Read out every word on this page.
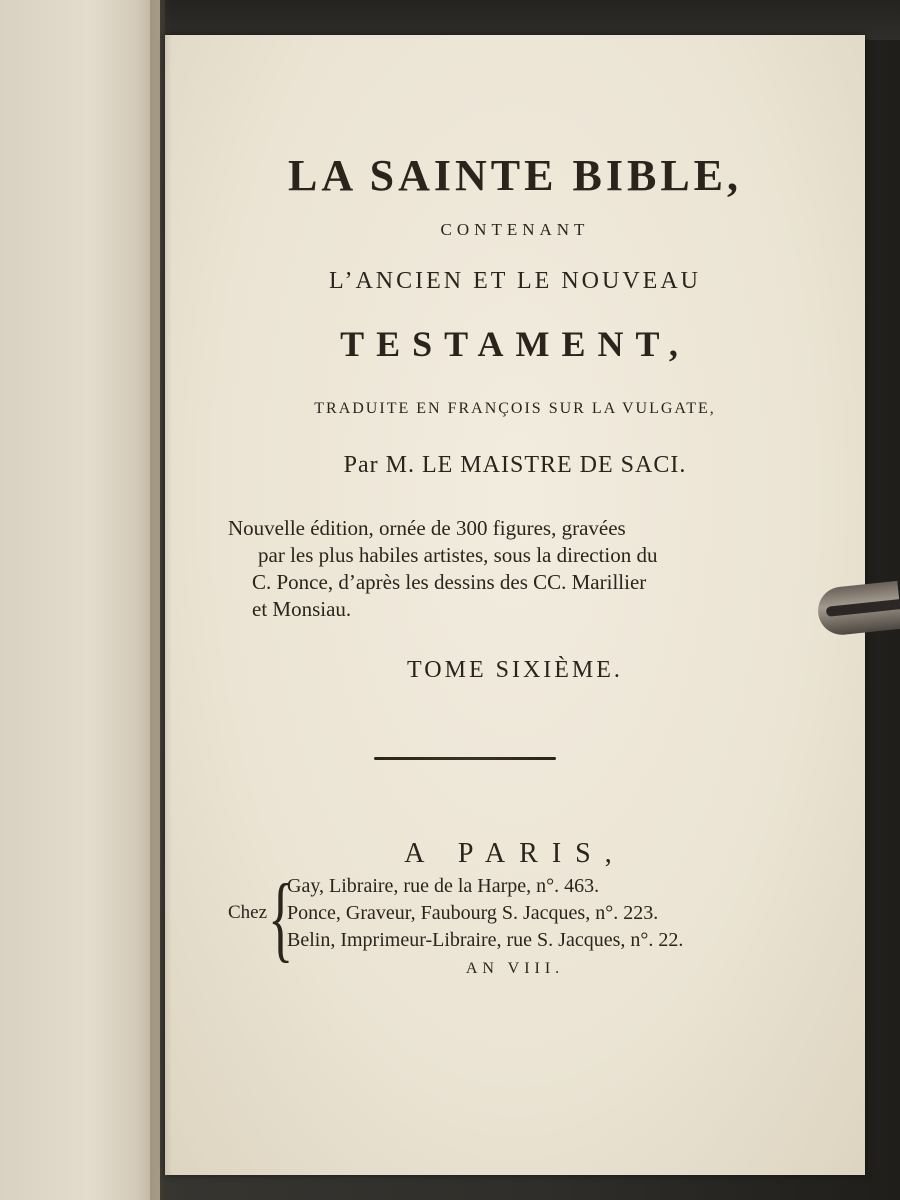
LA SAINTE BIBLE,
CONTENANT
L’ANCIEN ET LE NOUVEAU
TESTAMENT,
TRADUITE EN FRANÇOIS SUR LA VULGATE,
Par M. LE MAISTRE DE SACI.
Nouvelle édition, ornée de 300 figures, gravées
par les plus habiles artistes, sous la direction du
C. Ponce, d’après les dessins des CC. Marillier
et Monsiau.
TOME SIXIÈME.
A PARIS,
Chez {
Gay, Libraire, rue de la Harpe, n°. 463.
Ponce, Graveur, Faubourg S. Jacques, n°. 223.
Belin, Imprimeur-Libraire, rue S. Jacques, n°. 22.
AN VIII.
